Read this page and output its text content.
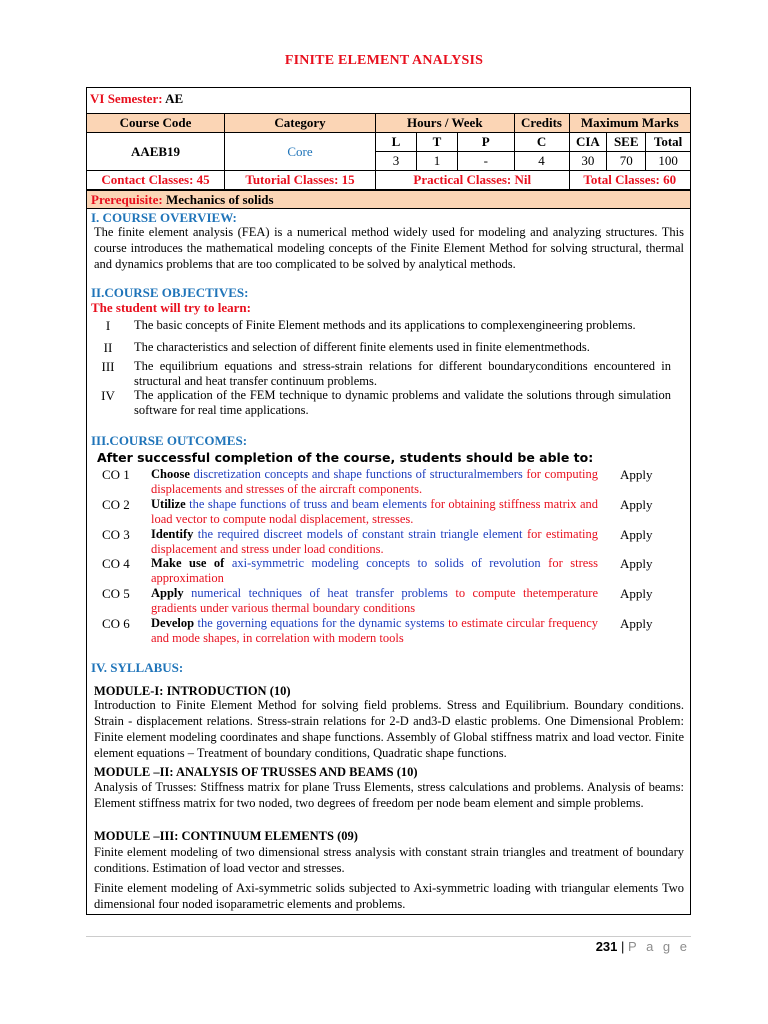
FINITE ELEMENT ANALYSIS
VI Semester: AE
Course Code	Category	Hours / Week			Credits	Maximum Marks		
AAEB19	Core	L	T	P	C	CIA	SEE	Total
		3	1	-	4	30	70	100
Contact Classes: 45	Tutorial Classes: 15	Practical Classes: Nil				Total Classes: 60		
Prerequisite: Mechanics of solids
I. COURSE OVERVIEW:
The finite element analysis (FEA) is a numerical method widely used for modeling and analyzing structures. This course introduces the mathematical modeling concepts of the Finite Element Method for solving structural, thermal and dynamics problems that are too complicated to be solved by analytical methods.
II.COURSE OBJECTIVES:
The student will try to learn:
I	The basic concepts of Finite Element methods and its applications to complexengineering problems.
II	The characteristics and selection of different finite elements used in finite elementmethods.
III	The equilibrium equations and stress-strain relations for different boundaryconditions encountered in structural and heat transfer continuum problems.
IV	The application of the FEM technique to dynamic problems and validate the solutions through simulation software for real time applications.
III.COURSE OUTCOMES:
After successful completion of the course, students should be able to:
CO 1 Choose discretization concepts and shape functions of structuralmembers for computing displacements and stresses of the aircraft components.
Apply
CO 2 Utilize the shape functions of truss and beam elements for obtaining stiffness matrix and load vector to compute nodal displacement, stresses.
Apply
CO 3 Identify the required discreet models of constant strain triangle element for estimating displacement and stress under load conditions.
Apply
CO 4 Make use of axi-symmetric modeling concepts to solids of revolution for stress approximation
Apply
CO 5 Apply numerical techniques of heat transfer problems to compute thetemperature gradients under various thermal boundary conditions
Apply
CO 6 Develop the governing equations for the dynamic systems to estimate circular frequency and mode shapes, in correlation with modern tools
Apply
IV. SYLLABUS:
MODULE-I: INTRODUCTION (10)
Introduction to Finite Element Method for solving field problems. Stress and Equilibrium. Boundary conditions. Strain - displacement relations. Stress-strain relations for 2-D and3-D elastic problems. One Dimensional Problem: Finite element modeling coordinates and shape functions. Assembly of Global stiffness matrix and load vector. Finite element equations – Treatment of boundary conditions, Quadratic shape functions.
MODULE –II: ANALYSIS OF TRUSSES AND BEAMS (10)
Analysis of Trusses: Stiffness matrix for plane Truss Elements, stress calculations and problems. Analysis of beams: Element stiffness matrix for two noded, two degrees of freedom per node beam element and simple problems.
MODULE –III: CONTINUUM ELEMENTS (09)
Finite element modeling of two dimensional stress analysis with constant strain triangles and treatment of boundary conditions. Estimation of load vector and stresses.
Finite element modeling of Axi-symmetric solids subjected to Axi-symmetric loading with triangular elements Two dimensional four noded isoparametric elements and problems.
231 | P a g e
